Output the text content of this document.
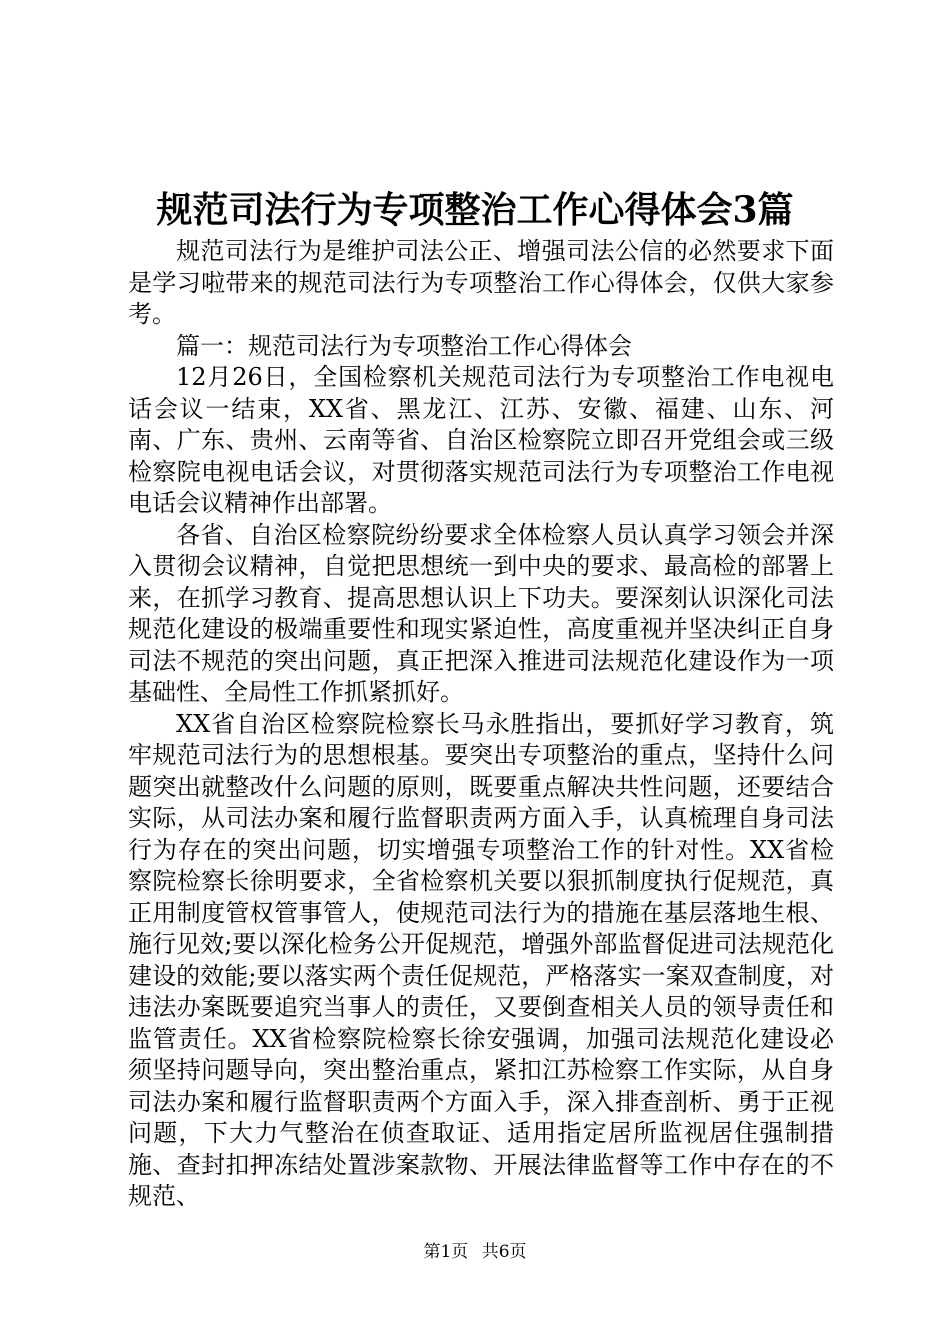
规范司法行为专项整治工作心得体会3篇

规范司法行为是维护司法公正、增强司法公信的必然要求下面是学习啦带来的规范司法行为专项整治工作心得体会，仅供大家参考。

篇一：规范司法行为专项整治工作心得体会

12月26日，全国检察机关规范司法行为专项整治工作电视电话会议一结束，XX省、黑龙江、江苏、安徽、福建、山东、河南、广东、贵州、云南等省、自治区检察院立即召开党组会或三级检察院电视电话会议，对贯彻落实规范司法行为专项整治工作电视电话会议精神作出部署。

各省、自治区检察院纷纷要求全体检察人员认真学习领会并深入贯彻会议精神，自觉把思想统一到中央的要求、最高检的部署上来，在抓学习教育、提高思想认识上下功夫。要深刻认识深化司法规范化建设的极端重要性和现实紧迫性，高度重视并坚决纠正自身司法不规范的突出问题，真正把深入推进司法规范化建设作为一项基础性、全局性工作抓紧抓好。

XX省自治区检察院检察长马永胜指出，要抓好学习教育，筑牢规范司法行为的思想根基。要突出专项整治的重点，坚持什么问题突出就整改什么问题的原则，既要重点解决共性问题，还要结合实际，从司法办案和履行监督职责两方面入手，认真梳理自身司法行为存在的突出问题，切实增强专项整治工作的针对性。XX省检察院检察长徐明要求，全省检察机关要以狠抓制度执行促规范，真正用制度管权管事管人，使规范司法行为的措施在基层落地生根、施行见效;要以深化检务公开促规范，增强外部监督促进司法规范化建设的效能;要以落实两个责任促规范，严格落实一案双查制度，对违法办案既要追究当事人的责任，又要倒查相关人员的领导责任和监管责任。XX省检察院检察长徐安强调，加强司法规范化建设必须坚持问题导向，突出整治重点，紧扣江苏检察工作实际，从自身司法办案和履行监督职责两个方面入手，深入排查剖析、勇于正视问题，下大力气整治在侦查取证、适用指定居所监视居住强制措施、查封扣押冻结处置涉案款物、开展法律监督等工作中存在的不规范、

第1页 共6页
